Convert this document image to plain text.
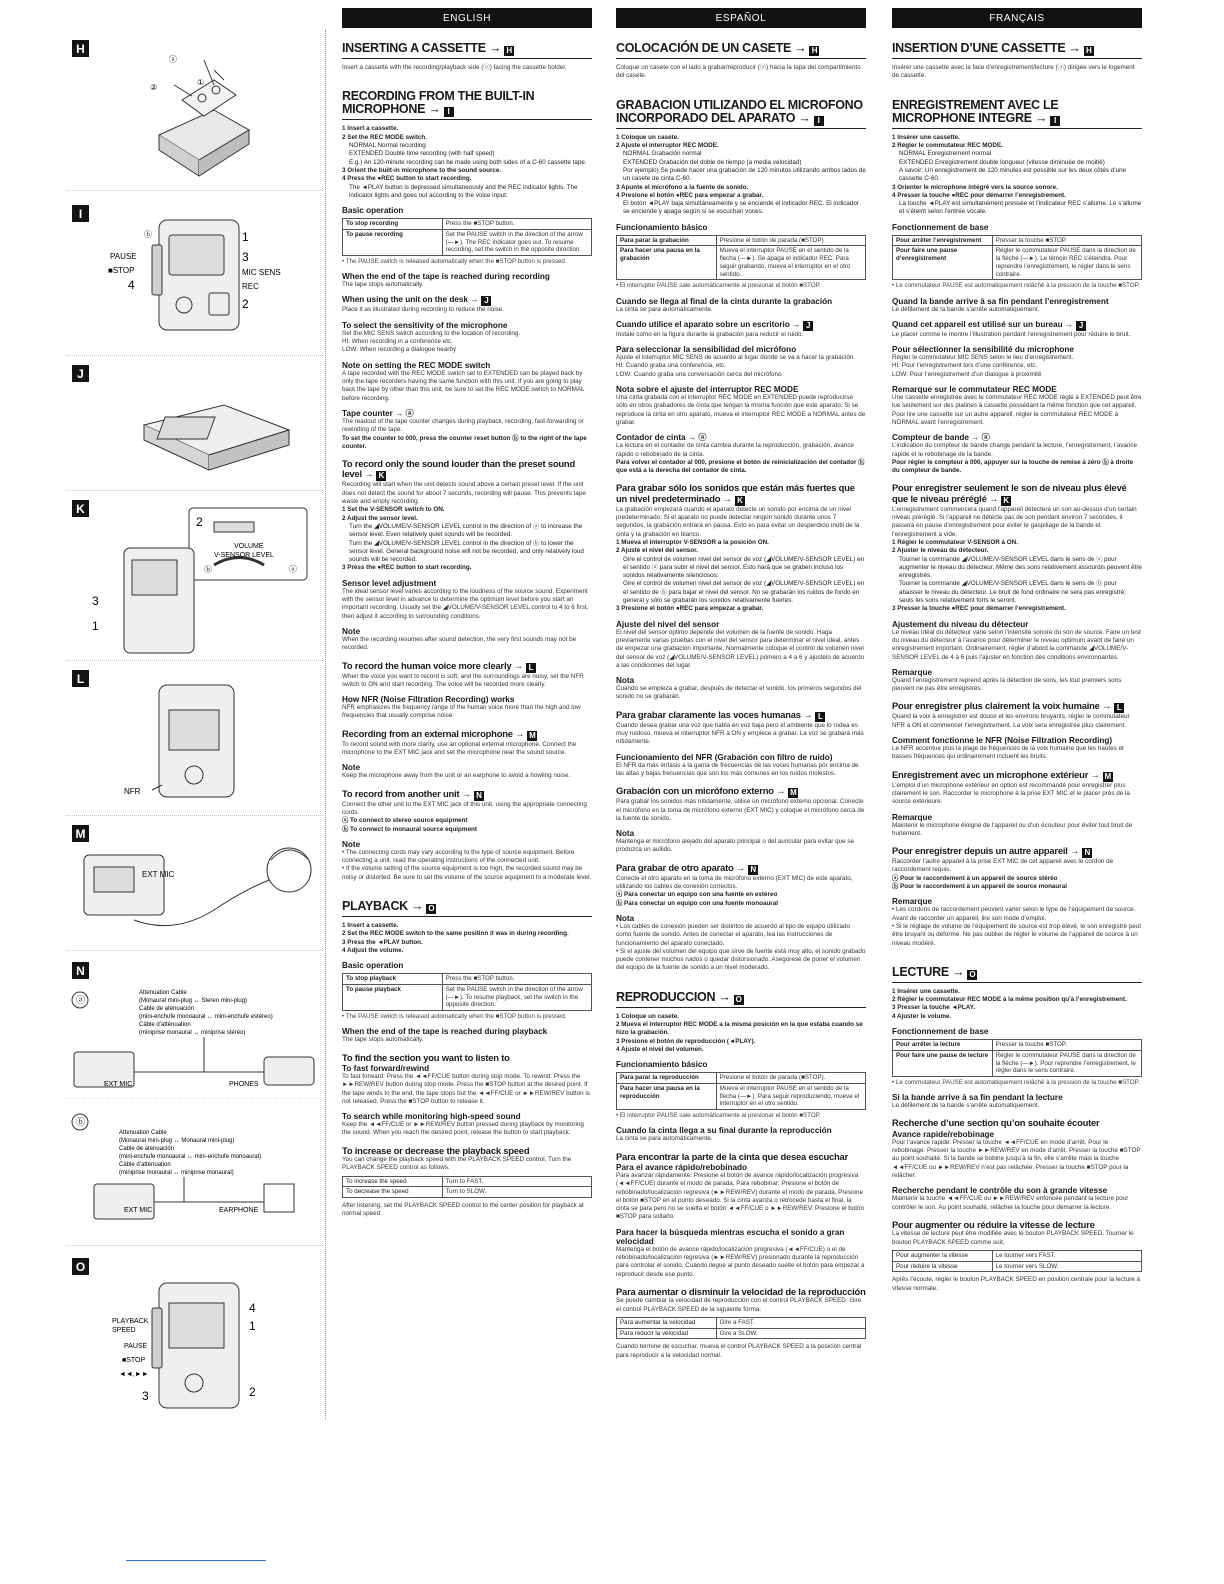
H
ⓐ
②
①
I
ⓑ
PAUSE
■STOP
4
1
3
MIC SENS
REC
2
J
K
2
VOLUME
V-SENSOR LEVEL
ⓑ	ⓐ
3
1
L
NFR
M
EXT MIC
N
ⓐ
Attenuation Cable
(Monaural mini-plug ↔ Stereo mini-plug)
Cable de atenuación
(mini-enchufe monoaural ↔ mini-enchufe estéreo)
Câble d’atténuation
(miniprise monaural ↔ miniprise stéréo)
EXT MIC	PHONES
ⓑ
Attenuation Cable
(Monaural mini-plug ↔ Monaural mini-plug)
Cable de atenuación
(mini-enchufe monoaural ↔ mini-enchufe monoaural)
Câble d’atténuation
(miniprise monaural ↔ miniprise monaural)
EXT MIC	EARPHONE
O
PLAYBACK
SPEED
PAUSE
■STOP
◄◄,►►
4
1
3	2
ENGLISH
INSERTING A CASSETTE → H
Insert a cassette with the recording/playback side (ⓐ) facing the cassette holder.
RECORDING FROM THE BUILT-IN MICROPHONE → I
1 Insert a cassette.
2 Set the REC MODE switch.
NORMAL Normal recording
EXTENDED Double time recording (with half speed)
E.g.) An 120-minute recording can be made using both sides of a C-60 cassette tape.
3 Orient the built-in microphone to the sound source.
4 Press the ●REC button to start recording.
The ◄PLAY button is depressed simultaneously and the REC indicator lights. The indicator lights and goes out according to the voice input.
Basic operation
To stop recording	Press the ■STOP button.
To pause recording	Set the PAUSE switch in the direction of the arrow (—►). The REC indicator goes out. To resume recording, set the switch in the opposite direction.
• The PAUSE switch is released automatically when the ■STOP button is pressed.
When the end of the tape is reached during recording
The tape stops automatically.
When using the unit on the desk → J
Place it as illustrated during recording to reduce the noise.
To select the sensitivity of the microphone
Set the MIC SENS switch according to the location of recording.
HI: When recording in a conference etc.
LOW: When recording a dialogue nearby
Note on setting the REC MODE switch
A tape recorded with the REC MODE switch set to EXTENDED can be played back by only the tape recorders having the same function with this unit. If you are going to play back the tape by other than this unit, be sure to set the REC MODE switch to NORMAL before recording.
Tape counter → ⓐ
The readout of the tape counter changes during playback, recording, fast-forwarding or rewinding of the tape.
To set the counter to 000, press the counter reset button ⓑ to the right of the tape counter.
To record only the sound louder than the preset sound level → K
Recording will start when the unit detects sound above a certain preset level. If the unit does not detect the sound for about 7 seconds, recording will pause. This prevents tape waste and empty recording.
1 Set the V-SENSOR switch to ON.
2 Adjust the sensor level.
Turn the ◢VOLUME/V-SENSOR LEVEL control in the direction of ⓐ to increase the sensor level. Even relatively quiet sounds will be recorded.
Turn the ◢VOLUME/V-SENSOR LEVEL control in the direction of ⓑ to lower the sensor level. General background noise will not be recorded, and only relatively loud sounds will be recorded.
3 Press the ●REC button to start recording.
Sensor level adjustment
The ideal sensor level varies according to the loudness of the source sound. Experiment with the sensor level in advance to determine the optimum level before you start an important recording. Usually set the ◢VOLUME/V-SENSOR LEVEL control to 4 to 6 first, then adjust it according to surrounding conditions.
Note
When the recording resumes after sound detection, the very first sounds may not be recorded.
To record the human voice more clearly → L
When the voice you want to record is soft, and the surroundings are noisy, set the NFR switch to ON and start recording. The voice will be recorded more clearly.
How NFR (Noise Filtration Recording) works
NFR emphasizes the frequency range of the human voice more than the high and low frequencies that usually comprise noise.
Recording from an external microphone → M
To record sound with more clarity, use an optional external microphone. Connect the microphone to the EXT MIC jack and set the microphone near the sound source.
Note
Keep the microphone away from the unit or an earphone to avoid a howling noise.
To record from another unit → N
Connect the other unit to the EXT MIC jack of this unit, using the appropriate connecting cords.
ⓐ To connect to stereo source equipment
ⓑ To connect to monaural source equipment
Note
• The connecting cords may vary according to the type of source equipment. Before connecting a unit, read the operating instructions of the connected unit.
• If the volume setting of the source equipment is too high, the recorded sound may be noisy or distorted. Be sure to set the volume of the source equipment to a moderate level.
PLAYBACK → O
1 Insert a cassette.
2 Set the REC MODE switch to the same position it was in during recording.
3 Press the ◄PLAY button.
4 Adjust the volume.
Basic operation
To stop playback	Press the ■STOP button.
To pause playback	Set the PAUSE switch in the direction of the arrow (—►). To resume playback, set the switch in the opposite direction.
• The PAUSE switch is released automatically when the ■STOP button is pressed.
When the end of the tape is reached during playback
The tape stops automatically.
To find the section you want to listen to
To fast forward/rewind
To fast forward: Press the ◄◄FF/CUE button during stop mode. To rewind: Press the ►►REW/REV button during stop mode. Press the ■STOP button at the desired point. If the tape winds to the end, the tape stops but the ◄◄FF/CUE or ►►REW/REV button is not released. Press the ■STOP button to release it.
To search while monitoring high-speed sound
Keep the ◄◄FF/CUE or ►►REW/REV button pressed during playback by monitoring the sound. When you reach the desired point, release the button to start playback.
To increase or decrease the playback speed
You can change the playback speed with the PLAYBACK SPEED control. Turn the PLAYBACK SPEED control as follows.
To increase the speed	Turn to FAST.
To decrease the speed	Turn to SLOW.
After listening, set the PLAYBACK SPEED control to the center position for playback at normal speed.
ESPAÑOL
COLOCACIÓN DE UN CASETE → H
Coloque un casete con el lado a grabar/reproducir (ⓐ) hacia la tapa del compartimiento del casete.
GRABACION UTILIZANDO EL MICROFONO INCORPORADO DEL APARATO → I
1 Coloque un casete.
2 Ajuste el interruptor REC MODE.
NORMAL Grabación normal
EXTENDED Grabación del doble de tiempo (a media velocidad)
Por ejemplo) Se puede hacer una grabación de 120 minutos utilizando ambos lados de un casete de cinta C-60.
3 Apunte el micrófono a la fuente de sonido.
4 Presione el botón ●REC para empezar a grabar.
El botón ◄PLAY baja simultáneamente y se enciende el indicador REC. El indicador se enciende y apaga según si se escuchan voces.
Funcionamiento básico
Para parar la grabación	Presione el botón de parada (■STOP)
Para hacer una pausa en la grabación	Mueva el interruptor PAUSE en el sentido de la flecha (—►). Se apaga el indicador REC. Para seguir grabando, mueva el interruptor en el otro sentido.
• El interruptor PAUSE sale automáticamente al presionar el botón ■STOP.
Cuando se llega al final de la cinta durante la grabación
La cinta se para automáticamente.
Cuando utilice el aparato sobre un escritorio → J
Instale como en la figura durante la grabación para reducir el ruido.
Para seleccionar la sensibilidad del micrófono
Ajuste el interruptor MIC SENS de acuerdo al lugar donde se va a hacer la grabación.
HI: Cuando graba una conferencia, etc.
LOW: Cuando graba una conversación cerca del micrófono
Nota sobre el ajuste del interruptor REC MODE
Una cinta grabada con el interruptor REC MODE en EXTENDED puede reproducirse sólo en otros grabadores de cinta que tengan la misma función que este aparato. Si se reproduce la cinta en otro aparato, mueva el interruptor REC MODE a NORMAL antes de grabar.
Contador de cinta → ⓐ
La lectura en el contador de cinta cambia durante la reproducción, grabación, avance rápido o rebobinado de la cinta.
Para volver el contador al 000, presione el botón de reinicialización del contador ⓑ que está a la derecha del contador de cinta.
Para grabar sólo los sonidos que están más fuertes que un nivel predeterminado → K
La grabación empezará cuando el aparato detecte un sonido por encima de un nivel predeterminado. Si el aparato no puede detectar ningún sonido durante unos 7 segundos, la grabación entrará en pausa. Esto es para evitar un desperdicio inútil de la cinta y la grabación en blanco.
1 Mueva el interruptor V-SENSOR a la posición ON.
2 Ajuste el nivel del sensor.
Gire el control de volumen nivel del sensor de voz (◢VOLUME/V-SENSOR LEVEL) en el sentido ⓐ para subir el nivel del sensor. Esto hará que se graben incluso los sonidos relativamente silenciosos.
Gire el control de volumen nivel del sensor de voz (◢VOLUME/V-SENSOR LEVEL) en el sentido de ⓑ para bajar el nivel del sensor. No se grabarán los ruidos de fondo en general y sólo se grabarán los sonidos relativamente fuertes.
3 Presione el botón ●REC para empezar a grabar.
Ajuste del nivel del sensor
El nivel del sensor óptimo depende del volumen de la fuente de sonido. Haga previamente varias pruebas con el nivel del sensor para determinar el nivel ideal, antes de empezar una grabación importante. Normalmente coloque el control de volumen nivel del sensor de voz (◢VOLUME/V-SENSOR LEVEL) primero a 4 a 6 y ajústelo de acuerdo a las condiciones del lugar.
Nota
Cuando se empieza a grabar, después de detectar el sonido, los primeros segundos del sonido no se grabarán.
Para grabar claramente las voces humanas → L
Cuando desea grabar una voz que habla en voz baja pero el ambiente que lo rodea es muy ruidoso, mueva el interruptor NFR a ON y empiece a grabar. La voz se grabará más nítidamente.
Funcionamiento del NFR (Grabación con filtro de ruido)
El NFR da más énfasis a la gama de frecuencias de las voces humanas por encima de las altas y bajas frecuencias que son los más comunes en los ruidos molestos.
Grabación con un micrófono externo → M
Para grabar los sonidos más nítidamente, utilice un micrófono externo opcional. Conecte el micrófono en la toma de micrófono externo (EXT MIC) y coloque el micrófono cerca de la fuente de sonido.
Nota
Mantenga el micrófono alejado del aparato principal o del auricular para evitar que se produzca un aullido.
Para grabar de otro aparato → N
Conecte el otro aparato en la toma de micrófono externo (EXT MIC) de este aparato, utilizando los cables de conexión correctos.
ⓐ Para conectar un equipo con una fuente en estéreo
ⓑ Para conectar un equipo con una fuente monoaural
Nota
• Los cables de conexión pueden ser distintos de acuerdo al tipo de equipo utilizado como fuente de sonido. Antes de conectar el aparato, lea las instrucciones de funcionamiento del aparato conectado.
• Si el ajuste del volumen del equipo que sirve de fuente está muy alto, el sonido grabado puede contener muchos ruidos o quedar distorsionado. Asegúrese de poner el volumen del equipo de la fuente de sonido a un nivel moderado.
REPRODUCCION → O
1 Coloque un casete.
2 Mueva el interruptor REC MODE a la misma posición en la que estaba cuando se hizo la grabación.
3 Presione el botón de reproducción (◄PLAY).
4 Ajuste el nivel del volumen.
Funcionamiento básico
Para parar la reproducción	Presione el botón de parada (■STOP).
Para hacer una pausa en la reproducción	Mueva el interruptor PAUSE en el sentido de la flecha (—►). Para seguir reproduciendo, mueva el interruptor en el otro sentido.
• El interruptor PAUSE sale automáticamente al presionar el botón ■STOP.
Cuando la cinta llega a su final durante la reproducción
La cinta se para automáticamente.
Para encontrar la parte de la cinta que desea escuchar
Para el avance rápido/rebobinado
Para avanzar rápidamente: Presione el botón de avance rápido/localización progresiva (◄◄FF/CUE) durante el modo de parada. Para rebobinar: Presione el botón de rebobinado/localización regresiva (►►REW/REV) durante el modo de parada. Presione el botón ■STOP en el punto deseado. Si la cinta avanza o retrocede hasta el final, la cinta se para pero no se suelta el botón ◄◄FF/CUE o ►►REW/REV. Presione el botón ■STOP para soltarlo.
Para hacer la búsqueda mientras escucha el sonido a gran velocidad
Mantenga el botón de avance rápido/localización progresiva (◄◄FF/CUE) o el de rebobinado/localización regresiva (►►REW/REV) presionado durante la reproducción para controlar el sonido. Cuando llegue al punto deseado suelte el botón para empezar a reproducir desde ese punto.
Para aumentar o disminuir la velocidad de la reproducción
Se puede cambiar la velocidad de reproducción con el control PLAYBACK SPEED. Gire el control PLAYBACK SPEED de la siguiente forma.
Para aumentar la velocidad	Gire a FAST.
Para reducir la velocidad	Gire a SLOW.
Cuando termine de escuchar, mueva el control PLAYBACK SPEED a la posición central para reproducir a la velocidad normal.
FRANÇAIS
INSERTION D’UNE CASSETTE → H
Insérer une cassette avec la face d’enregistrement/lecture (ⓐ) dirigée vers le logement de cassette.
ENREGISTREMENT AVEC LE MICROPHONE INTEGRE → I
1 Insérer une cassette.
2 Régler le commutateur REC MODE.
NORMAL Enregistrement normal
EXTENDED Enregistrement double longueur (vitesse diminuée de moitié)
A savoir: Un enregistrement de 120 minutes est possible sur les deux côtés d’une cassette C-60.
3 Orienter le microphone intégré vers la source sonore.
4 Presser la touche ●REC pour démarrer l’enregistrement.
La touche ◄PLAY est simultanément pressée et l’indicateur REC s’allume. Le s’allume et s’éteint selon l’entrée vocale.
Fonctionnement de base
Pour arrêter l’enregistrement	Presser la touche ■STOP.
Pour faire une pause d’enregistrement	Régler le commutateur PAUSE dans la direction de la flèche (—►). Le témoin REC s’éteindra. Pour reprendre l’enregistrement, le régler dans le sens contraire.
• Le commutateur PAUSE est automatiquement relâché à la pression de la touche ■STOP.
Quand la bande arrive à sa fin pendant l’enregistrement
Le défilement de la bande s’arrête automatiquement.
Quand cet appareil est utilisé sur un bureau → J
Le placer comme le montre l’illustration pendant l’enregistrement pour réduire le bruit.
Pour sélectionner la sensibilité du microphone
Régler le commutateur MIC SENS selon le lieu d’enregistrement.
HI: Pour l’enregistrement lors d’une conférence, etc.
LOW: Pour l’enregistrement d’un dialogue à proximité
Remarque sur le commutateur REC MODE
Une cassette enregistrée avec le commutateur REC MODE réglé à EXTENDED peut être lue seulement sur des platines à cassette possédant la même fonction que cet appareil. Pour lire une cassette sur un autre appareil, régler le commutateur REC MODE à NORMAL avant l’enregistrement.
Compteur de bande → ⓐ
L’indication du compteur de bande change pendant la lecture, l’enregistrement, l’avance rapide et le rebobinage de la bande.
Pour régler le compteur à 000, appuyer sur la touche de remise à zéro ⓑ à droite du compteur de bande.
Pour enregistrer seulement le son de niveau plus élevé que le niveau préréglé → K
L’enregistrement commencera quand l’appareil détectera un son au-dessus d’un certain niveau préréglé. Si l’appareil ne détecte pas de son pendant environ 7 secondes, il passera en pause d’enregistrement pour éviter le gaspillage de la bande et l’enregistrement à vide.
1 Régler le commutateur V-SENSOR à ON.
2 Ajuster le niveau du détecteur.
Tourner la commande ◢VOLUME/V-SENSOR LEVEL dans le sens de ⓐ pour augmenter le niveau du détecteur. Même des sons relativement assourdis peuvent être enregistrés.
Tourner la commande ◢VOLUME/V-SENSOR LEVEL dans le sens de ⓑ pour abaisser le niveau du détecteur. Le bruit de fond ordinaire ne sera pas enregistré, seuls les sons relativement forts le seront.
3 Presser la touche ●REC pour démarrer l’enregistrement.
Ajustement du niveau du détecteur
Le niveau idéal du détecteur varie selon l’intensité sonore du son de source. Faire un test du niveau du détecteur à l’avance pour déterminer le niveau optimum avant de faire un enregistrement important. Ordinairement, régler d’abord la commande ◢VOLUME/V-SENSOR LEVEL de 4 à 6 puis l’ajuster en fonction des conditions environnantes.
Remarque
Quand l’enregistrement reprend après la détection de sons, les tout premiers sons peuvent ne pas être enregistrés.
Pour enregistrer plus clairement la voix humaine → L
Quand la voix à enregistrer est douce et les environs bruyants, régler le commutateur NFR à ON et commencer l’enregistrement. La voix sera enregistrée plus clairement.
Comment fonctionne le NFR (Noise Filtration Recording)
Le NFR accentue plus la plage de fréquences de la voix humaine que les hautes et basses fréquences qui ordinairement incluent les bruits.
Enregistrement avec un microphone extérieur → M
L’emploi d’un microphone extérieur en option est recommandé pour enregistrer plus clairement le son. Raccorder le microphone à la prise EXT MIC et le placer près de la source extérieure.
Remarque
Maintenir le microphone éloigné de l’appareil ou d’un écouteur pour éviter tout bruit de hurlement.
Pour enregistrer depuis un autre appareil → N
Raccorder l’autre appareil à la prise EXT MIC de cet appareil avec le cordon de raccordement requis.
ⓐ Pour le raccordement à un appareil de source stéréo
ⓑ Pour le raccordement à un appareil de source monaural
Remarque
• Les cordons de raccordement peuvent varier selon le type de l’équipement de source. Avant de raccorder un appareil, lire son mode d’emploi.
• Si le réglage de volume de l’équipement de source est trop élevé, le son enregistré peut être bruyant ou déformé. Ne pas oublier de régler le volume de l’appareil de source à un niveau modéré.
LECTURE → O
1 Insérer une cassette.
2 Régler le commutateur REC MODE à la même position qu’à l’enregistrement.
3 Presser la touche ◄PLAY.
4 Ajuster le volume.
Fonctionnement de base
Pour arrêter la lecture	Presser la touche ■STOP.
Pour faire une pause de lecture	Régler le commutateur PAUSE dans la direction de la flèche (—►). Pour reprendre l’enregistrement, le régler dans le sens contraire.
• Le commutateur PAUSE est automatiquement relâché à la pression de la touche ■STOP.
Si la bande arrive à sa fin pendant la lecture
Le défilement de la bande s’arrête automatiquement.
Recherche d’une section qu’on souhaite écouter
Avance rapide/rebobinage
Pour l’avance rapide: Presser la touche ◄◄FF/CUE en mode d’arrêt. Pour le rebobinage: Presser la touche ►►REW/REV en mode d’arrêt. Presser la touche ■STOP au point souhaité. Si la bande se bobine jusqu’à la fin, elle s’arrête mais la touche ◄◄FF/CUE ou ►►REW/REV n’est pas relâchée. Presser la touche ■STOP pour la relâcher.
Recherche pendant le contrôle du son à grande vitesse
Maintenir la touche ◄◄FF/CUE ou ►►REW/REV enfoncée pendant la lecture pour contrôler le son. Au point souhaité, relâcher la touche pour démarrer la lecture.
Pour augmenter ou réduire la vitesse de lecture
La vitesse de lecture peut être modifiée avec le bouton PLAYBACK SPEED. Tourner le bouton PLAYBACK SPEED comme suit.
Pour augmenter la vitesse	Le tourner vers FAST.
Pour réduire la vitesse	Le tourner vers SLOW.
Après l’écoute, régler le bouton PLAYBACK SPEED en position centrale pour la lecture à vitesse normale.
